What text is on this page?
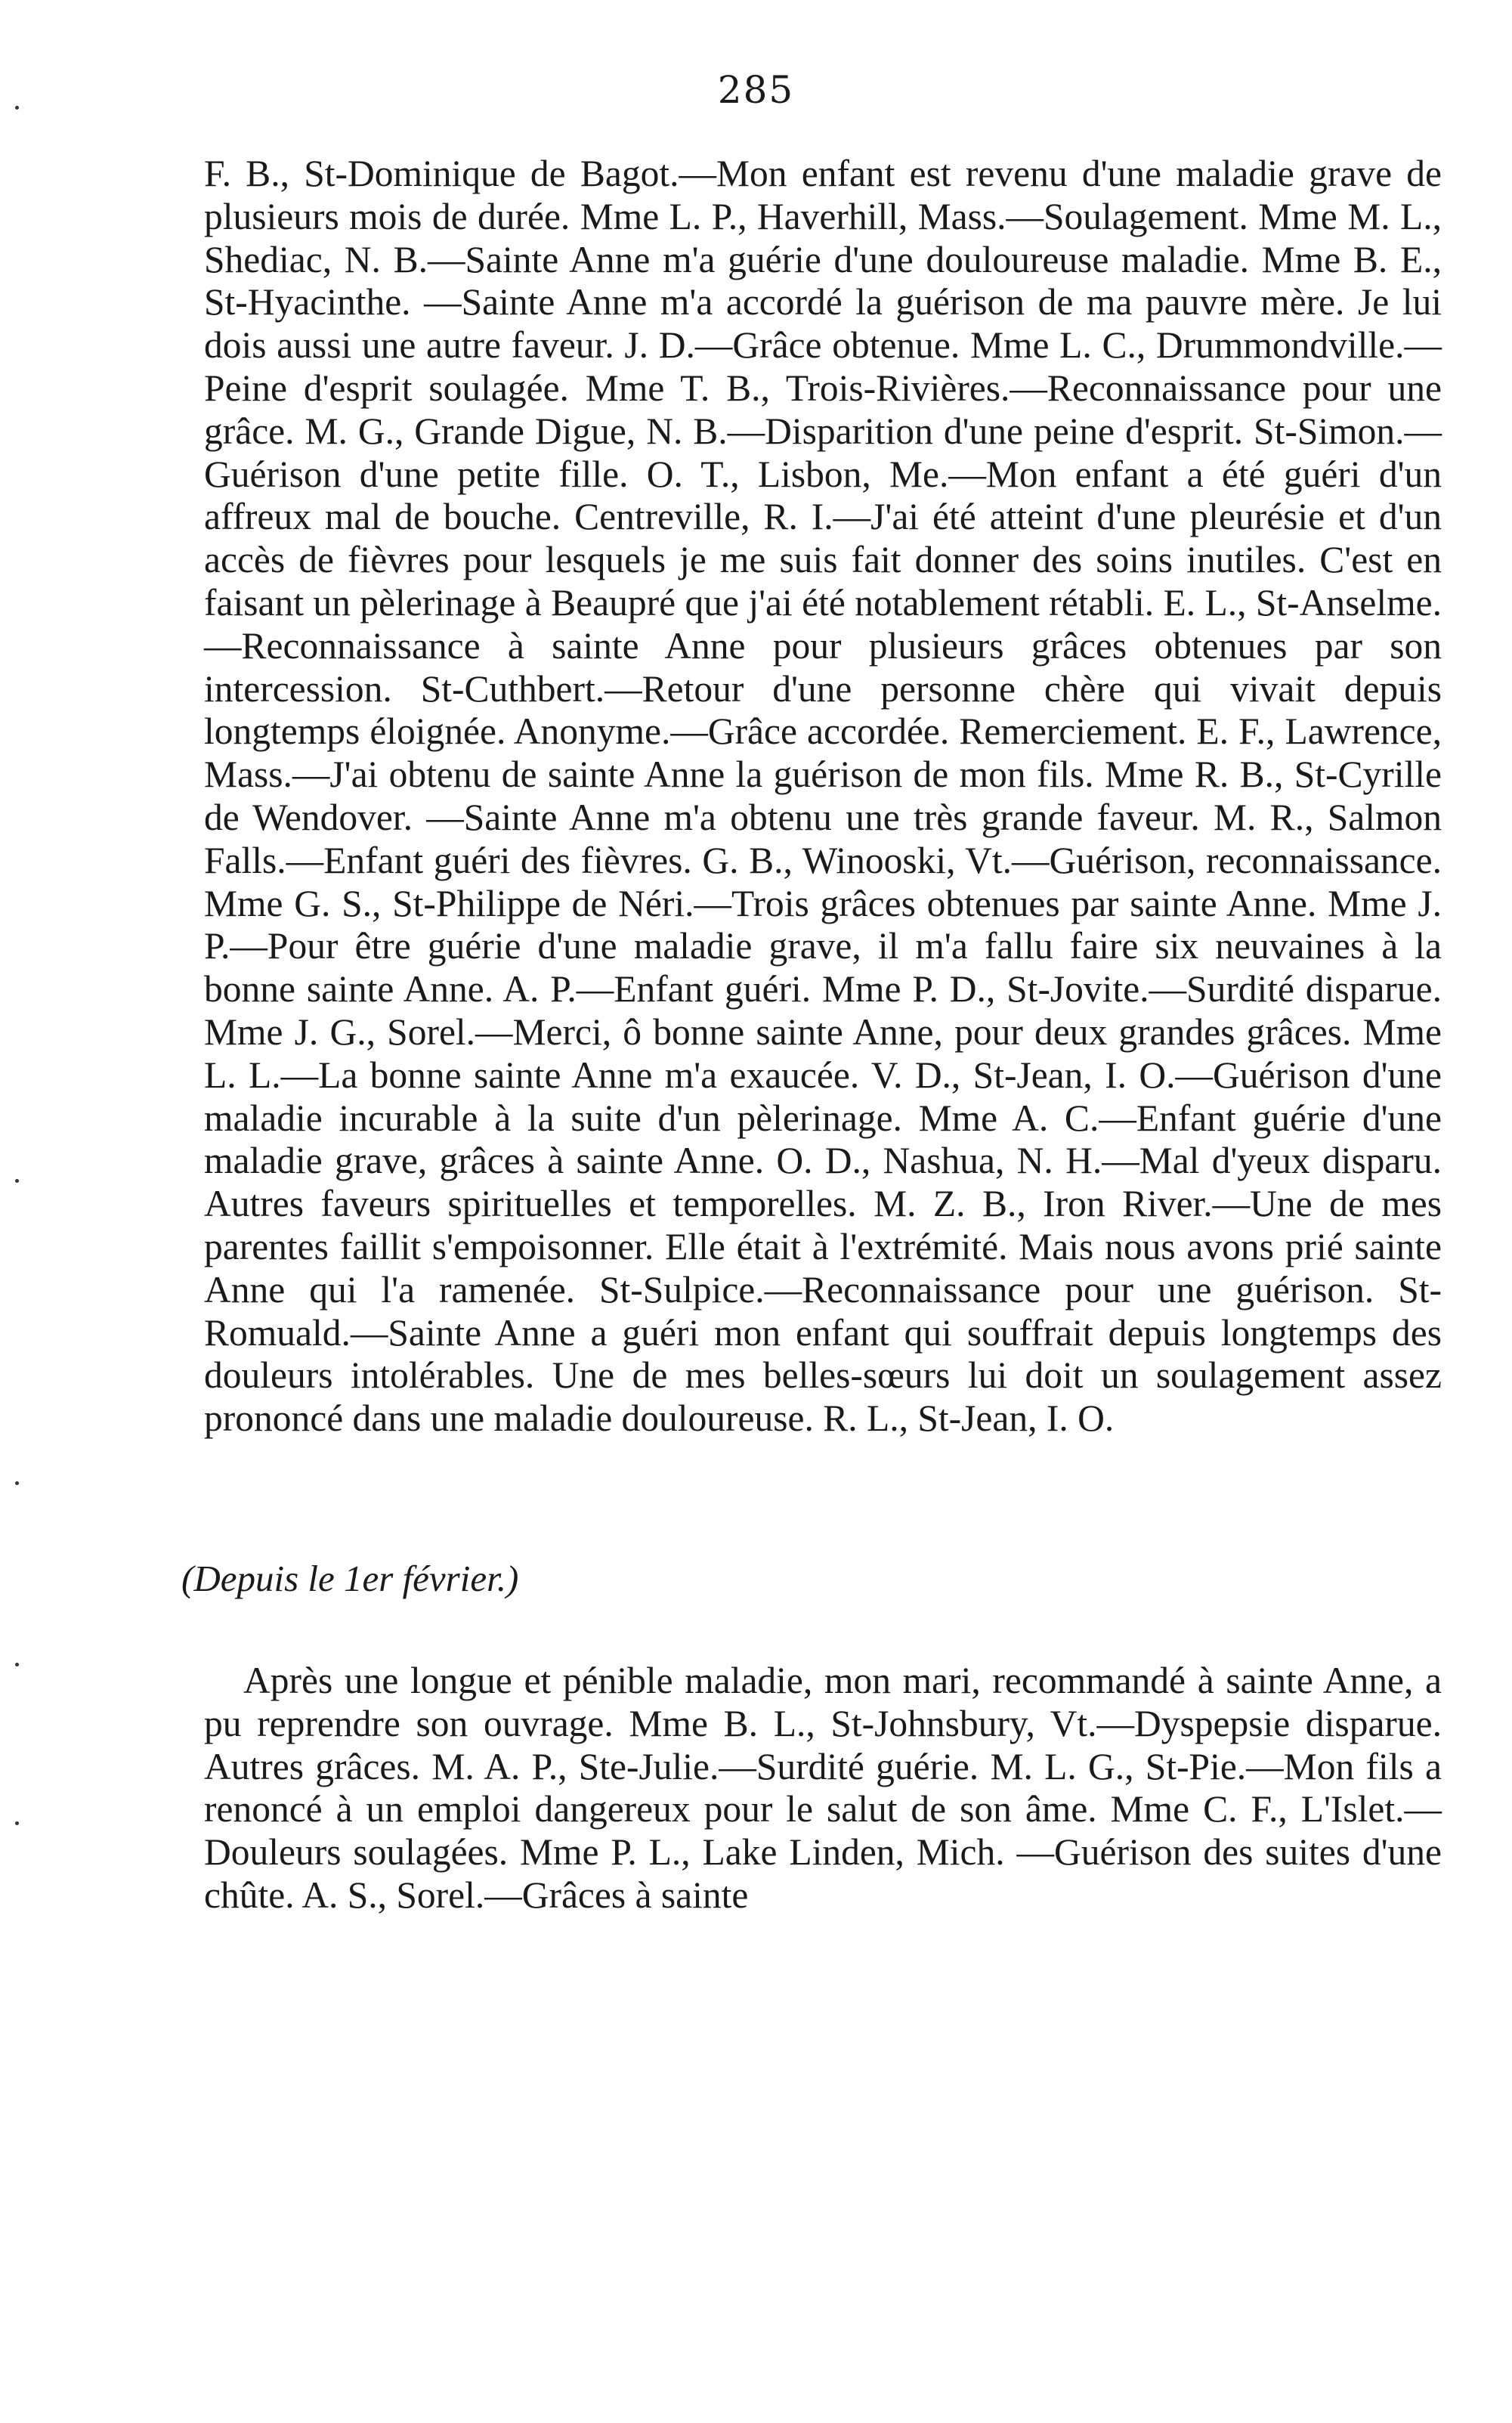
285
F. B., St-Dominique de Bagot.—Mon enfant est revenu d'une maladie grave de plusieurs mois de durée. Mme L. P., Haverhill, Mass.—Soulagement. Mme M. L., Shediac, N. B.—Sainte Anne m'a guérie d'une douloureuse maladie. Mme B. E., St-Hyacinthe. —Sainte Anne m'a accordé la guérison de ma pauvre mère. Je lui dois aussi une autre faveur. J. D.—Grâce obtenue. Mme L. C., Drummondville.—Peine d'esprit soulagée. Mme T. B., Trois-Rivières.—Reconnaissance pour une grâce. M. G., Grande Digue, N. B.—Disparition d'une peine d'esprit. St-Simon.—Guérison d'une petite fille. O. T., Lisbon, Me.—Mon enfant a été guéri d'un affreux mal de bouche. Centreville, R. I.—J'ai été atteint d'une pleurésie et d'un accès de fièvres pour lesquels je me suis fait donner des soins inutiles. C'est en faisant un pèlerinage à Beaupré que j'ai été notablement rétabli. E. L., St-Anselme. —Reconnaissance à sainte Anne pour plusieurs grâces obtenues par son intercession. St-Cuthbert.—Retour d'une personne chère qui vivait depuis longtemps éloignée. Anonyme.—Grâce accordée. Remerciement. E. F., Lawrence, Mass.—J'ai obtenu de sainte Anne la guérison de mon fils. Mme R. B., St-Cyrille de Wendover. —Sainte Anne m'a obtenu une très grande faveur. M. R., Salmon Falls.—Enfant guéri des fièvres. G. B., Winooski, Vt.—Guérison, reconnaissance. Mme G. S., St-Philippe de Néri.—Trois grâces obtenues par sainte Anne. Mme J. P.—Pour être guérie d'une maladie grave, il m'a fallu faire six neuvaines à la bonne sainte Anne. A. P.—Enfant guéri. Mme P. D., St-Jovite.—Surdité disparue. Mme J. G., Sorel.—Merci, ô bonne sainte Anne, pour deux grandes grâces. Mme L. L.—La bonne sainte Anne m'a exaucée. V. D., St-Jean, I. O.—Guérison d'une maladie incurable à la suite d'un pèlerinage. Mme A. C.—Enfant guérie d'une maladie grave, grâces à sainte Anne. O. D., Nashua, N. H.—Mal d'yeux disparu. Autres faveurs spirituelles et temporelles. M. Z. B., Iron River.—Une de mes parentes faillit s'empoisonner. Elle était à l'extrémité. Mais nous avons prié sainte Anne qui l'a ramenée. St-Sulpice.—Reconnaissance pour une guérison. St-Romuald.—Sainte Anne a guéri mon enfant qui souffrait depuis longtemps des douleurs intolérables. Une de mes belles-sœurs lui doit un soulagement assez prononcé dans une maladie douloureuse. R. L., St-Jean, I. O.
(Depuis le 1er février.)
Après une longue et pénible maladie, mon mari, recommandé à sainte Anne, a pu reprendre son ouvrage. Mme B. L., St-Johnsbury, Vt.—Dyspepsie disparue. Autres grâces. M. A. P., Ste-Julie.—Surdité guérie. M. L. G., St-Pie.—Mon fils a renoncé à un emploi dangereux pour le salut de son âme. Mme C. F., L'Islet.—Douleurs soulagées. Mme P. L., Lake Linden, Mich. —Guérison des suites d'une chûte. A. S., Sorel.—Grâces à sainte
